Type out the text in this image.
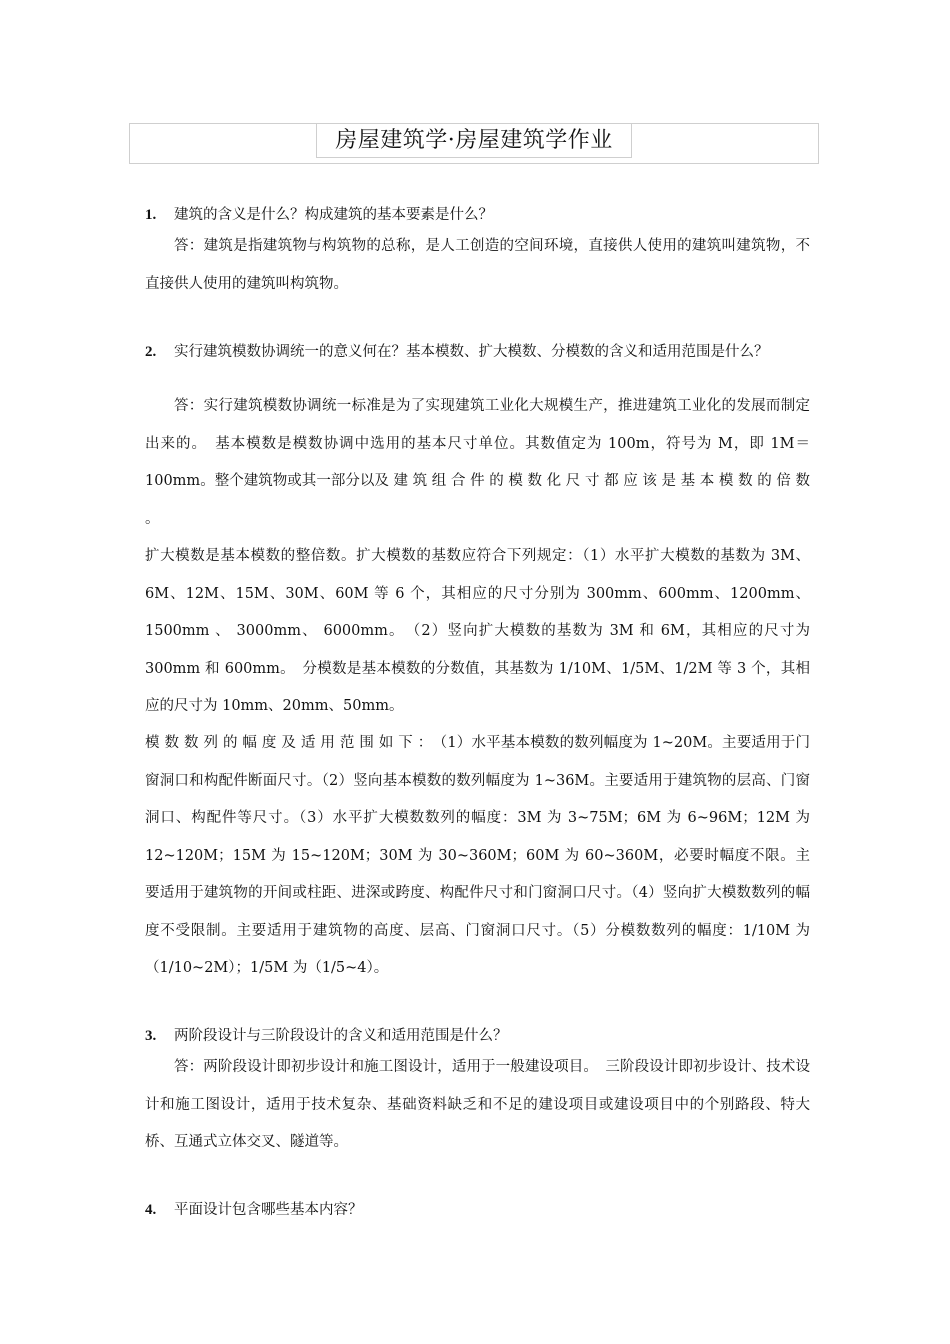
房屋建筑学·房屋建筑学作业
1. 建筑的含义是什么？构成建筑的基本要素是什么？
答：建筑是指建筑物与构筑物的总称，是人工创造的空间环境，直接供人使用的建筑叫建筑物，不直接供人使用的建筑叫构筑物。
2. 实行建筑模数协调统一的意义何在？基本模数、扩大模数、分模数的含义和适用范围是什么？
答：实行建筑模数协调统一标准是为了实现建筑工业化大规模生产，推进建筑工业化的发展而制定出来的。　基本模数是模数协调中选用的基本尺寸单位。其数值定为 100m，符号为 M，即 1M＝100mm。整个建筑物或其一部分以及 建 筑 组 合 件 的 模 数 化 尺 寸 都 应 该 是 基 本 模 数 的 倍 数 。
扩大模数是基本模数的整倍数。扩大模数的基数应符合下列规定：（1）水平扩大模数的基数为 3M、6M、12M、15M、30M、60M 等 6 个，其相应的尺寸分别为 300mm、600mm、1200mm、1500mm 、 3000mm、 6000mm。　（2）竖向扩大模数的基数为 3M 和 6M，其相应的尺寸为 300mm 和 600mm。　分模数是基本模数的分数值，其基数为 1/10M、1/5M、1/2M 等 3 个，其相应的尺寸为 10mm、20mm、50mm。
模 数 数 列 的 幅 度 及 适 用 范 围 如 下 ：　（1）水平基本模数的数列幅度为 1~20M。主要适用于门窗洞口和构配件断面尺寸。（2）竖向基本模数的数列幅度为 1~36M。主要适用于建筑物的层高、门窗洞口、构配件等尺寸。（3）水平扩大模数数列的幅度：3M 为 3~75M；6M 为 6~96M；12M 为 12~120M；15M 为 15~120M；30M 为 30~360M；60M 为 60~360M，必要时幅度不限。主要适用于建筑物的开间或柱距、进深或跨度、构配件尺寸和门窗洞口尺寸。（4）竖向扩大模数数列的幅度不受限制。主要适用于建筑物的高度、层高、门窗洞口尺寸。（5）分模数数列的幅度：1/10M 为（1/10~2M）；1/5M 为（1/5~4）。
3. 两阶段设计与三阶段设计的含义和适用范围是什么？
答：两阶段设计即初步设计和施工图设计，适用于一般建设项目。　三阶段设计即初步设计、技术设计和施工图设计，适用于技术复杂、基础资料缺乏和不足的建设项目或建设项目中的个别路段、特大桥、互通式立体交叉、隧道等。
4. 平面设计包含哪些基本内容？
